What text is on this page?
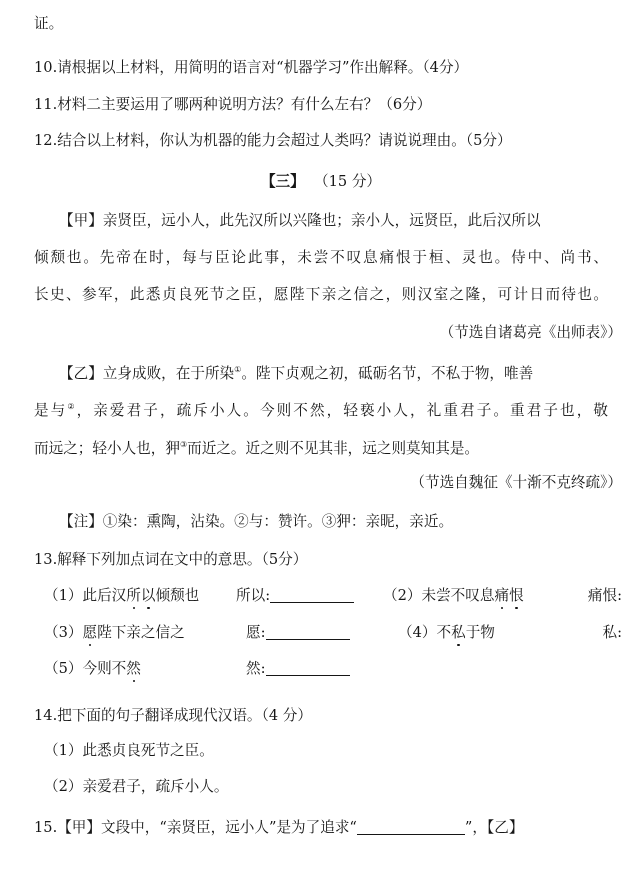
证。
10.请根据以上材料，用简明的语言对“机器学习”作出解释。（4分）
11.材料二主要运用了哪两种说明方法？有什么左右？（6分）
12.结合以上材料，你认为机器的能力会超过人类吗？请说说理由。（5分）
【三】 （15 分）
【甲】亲贤臣，远小人，此先汉所以兴隆也；亲小人，远贤臣，此后汉所以
倾颓也。先帝在时，每与臣论此事，未尝不叹息痛恨于桓、灵也。侍中、尚书、
长史、参军，此悉贞良死节之臣，愿陛下亲之信之，则汉室之隆，可计日而待也。
（节选自诸葛亮《出师表》）
【乙】立身成败，在于所染①。陛下贞观之初，砥砺名节，不私于物，唯善
是与②，亲爱君子，疏斥小人。今则不然，轻亵小人，礼重君子。重君子也，敬
而远之；轻小人也，狎③而近之。近之则不见其非，远之则莫知其是。
（节选自魏征《十渐不克终疏》）
【注】①染：熏陶，沾染。②与：赞许。③狎：亲昵，亲近。
13.解释下列加点词在文中的意思。（5分）
（1）此后汉所以倾颓也	所以:	（2）未尝不叹息痛恨	痛恨:
（3）愿陛下亲之信之	愿:	（4）不私于物	私:
（5）今则不然	然:
14.把下面的句子翻译成现代汉语。（4 分）
（1）此悉贞良死节之臣。
（2）亲爱君子，疏斥小人。
15.【甲】文段中，“亲贤臣，远小人”是为了追求“	”，【乙】
